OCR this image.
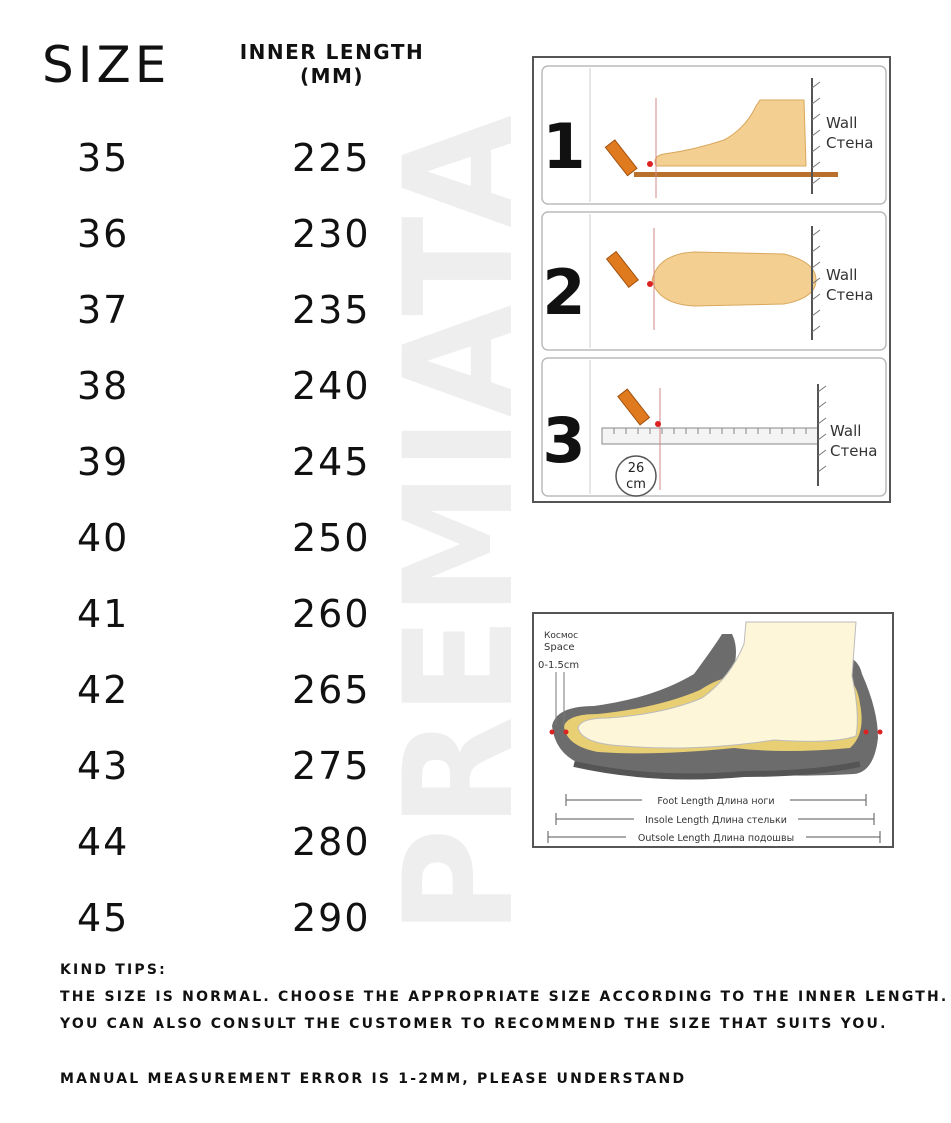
PREMIATA
SIZE	INNER LENGTH
(MM)
35	225
36	230
37	235
38	240
39	245
40	250
41	260
42	265
43	275
44	280
45	290
1	Wall
Стена
2	Wall
Стена
3	Wall
Стена
26
cm
Космос
Space
0-1.5cm
Foot Length Длина ноги
Insole Length Длина стельки
Outsole Length Длина подошвы
KIND TIPS:
THE SIZE IS NORMAL. CHOOSE THE APPROPRIATE SIZE ACCORDING TO THE INNER LENGTH.
YOU CAN ALSO CONSULT THE CUSTOMER TO RECOMMEND THE SIZE THAT SUITS YOU.
MANUAL MEASUREMENT ERROR IS 1-2MM, PLEASE UNDERSTAND
